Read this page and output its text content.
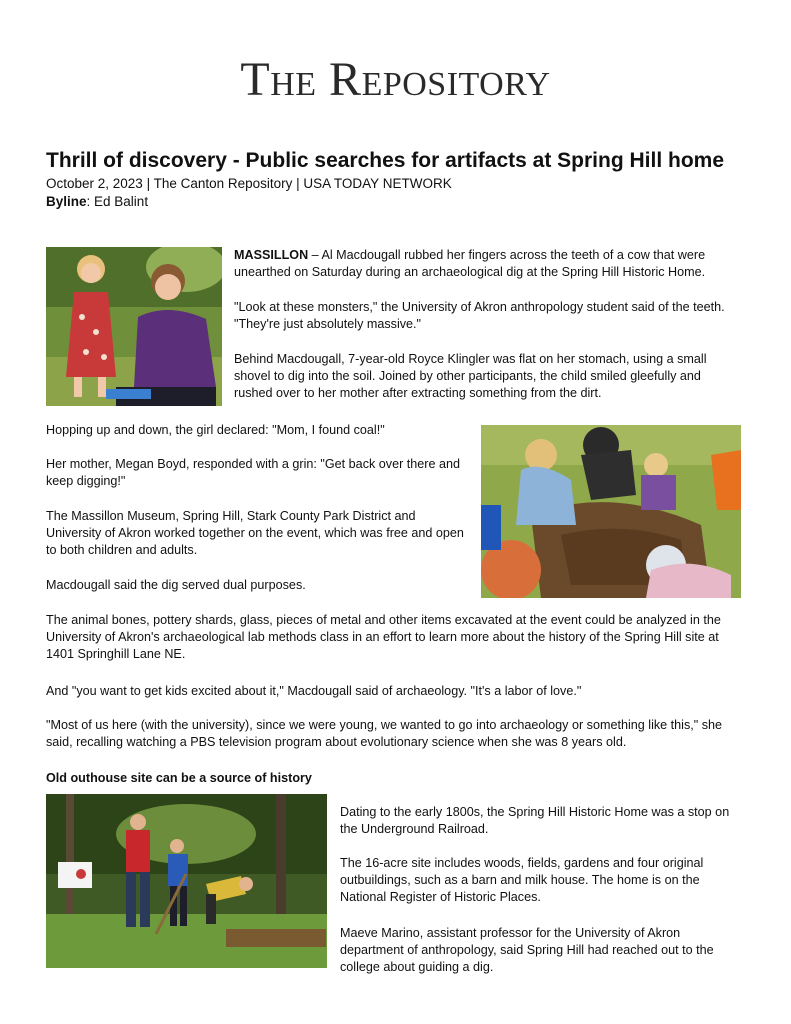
The Repository
Thrill of discovery - Public searches for artifacts at Spring Hill home
October 2, 2023 | The Canton Repository | USA TODAY NETWORK
Byline: Ed Balint

MASSILLON – Al Macdougall rubbed her fingers across the teeth of a cow that were unearthed on Saturday during an archaeological dig at the Spring Hill Historic Home.

"Look at these monsters," the University of Akron anthropology student said of the teeth. "They're just absolutely massive."

Behind Macdougall, 7-year-old Royce Klingler was flat on her stomach, using a small shovel to dig into the soil. Joined by other participants, the child smiled gleefully and rushed over to her mother after extracting something from the dirt.

Hopping up and down, the girl declared: "Mom, I found coal!"

Her mother, Megan Boyd, responded with a grin: "Get back over there and keep digging!"

The Massillon Museum, Spring Hill, Stark County Park District and University of Akron worked together on the event, which was free and open to both children and adults.

Macdougall said the dig served dual purposes.

The animal bones, pottery shards, glass, pieces of metal and other items excavated at the event could be analyzed in the University of Akron's archaeological lab methods class in an effort to learn more about the history of the Spring Hill site at 1401 Springhill Lane NE.

And "you want to get kids excited about it," Macdougall said of archaeology. "It's a labor of love."

"Most of us here (with the university), since we were young, we wanted to go into archaeology or something like this," she said, recalling watching a PBS television program about evolutionary science when she was 8 years old.

Old outhouse site can be a source of history

Dating to the early 1800s, the Spring Hill Historic Home was a stop on the Underground Railroad.

The 16-acre site includes woods, fields, gardens and four original outbuildings, such as a barn and milk house. The home is on the National Register of Historic Places.

Maeve Marino, assistant professor for the University of Akron department of anthropology, said Spring Hill had reached out to the college about guiding a dig.
